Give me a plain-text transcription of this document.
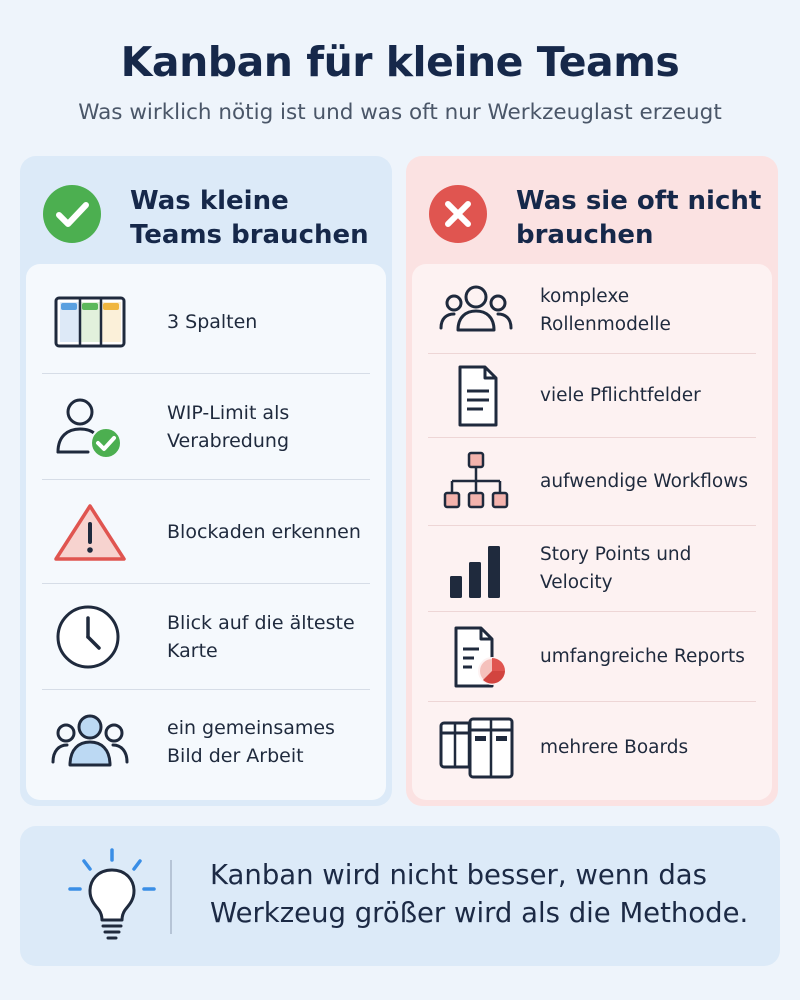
Kanban für kleine Teams
Was wirklich nötig ist und was oft nur Werkzeuglast erzeugt
Was kleine Teams brauchen
3 Spalten
WIP-Limit als Verabredung
Blockaden erkennen
Blick auf die älteste Karte
ein gemeinsames Bild der Arbeit
Was sie oft nicht brauchen
komplexe Rollenmodelle
viele Pflichtfelder
aufwendige Workflows
Story Points und Velocity
umfangreiche Reports
mehrere Boards
Kanban wird nicht besser, wenn das Werkzeug größer wird als die Methode.
